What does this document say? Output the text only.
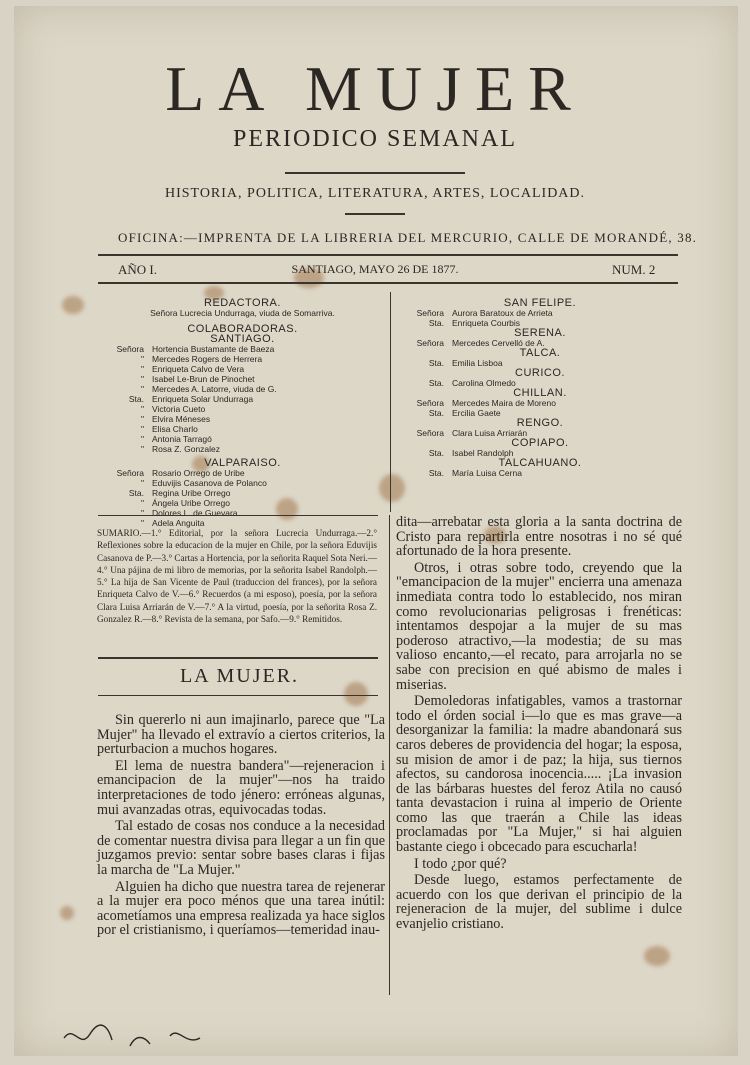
LA MUJER
PERIODICO SEMANAL
HISTORIA, POLITICA, LITERATURA, ARTES, LOCALIDAD.
OFICINA:—IMPRENTA DE LA LIBRERIA DEL MERCURIO, CALLE DE MORANDÉ, 38.
AÑO I.	SANTIAGO, MAYO 26 DE 1877.	NUM. 2
REDACTORA.
Señora Lucrecia Undurraga, viuda de Somarriva.
COLABORADORAS.
SANTIAGO.
Señora Hortencia Bustamante de Baeza
" Mercedes Rogers de Herrera
" Enriqueta Calvo de Vera
" Isabel Le-Brun de Pinochet
" Mercedes A. Latorre, viuda de G.
Sta. Enriqueta Solar Undurraga
" Victoria Cueto
" Elvira Méneses
" Elisa Charlo
" Antonia Tarragó
" Rosa Z. Gonzalez
VALPARAISO.
Señora Rosario Orrego de Uribe
" Eduvijis Casanova de Polanco
Sta. Regina Uribe Orrego
" Ángela Uribe Orrego
" Dolores L. de Guevara
" Adela Anguita
SAN FELIPE.
Señora Aurora Baratoux de Arrieta
Sta. Enriqueta Courbis
SERENA.
Señora Mercedes Cervelló de A.
TALCA.
Sta. Emilia Lisboa
CURICO.
Sta. Carolina Olmedo
CHILLAN.
Señora Mercedes Maira de Moreno
Sta. Ercilia Gaete
RENGO.
Señora Clara Luisa Arriarán
COPIAPO.
Sta. Isabel Randolph
TALCAHUANO.
Sta. María Luisa Cerna
SUMARIO.—1.° Editorial, por la señora Lucrecia Undurraga.—2.° Reflexiones sobre la educacion de la mujer en Chile, por la señora Eduvijis Casanova de P.—3.° Cartas a Hortencia, por la señorita Raquel Sota Neri.—4.° Una pájina de mi libro de memorias, por la señorita Isabel Randolph.—5.° La hija de San Vicente de Paul (traduccion del frances), por la señora Enriqueta Calvo de V.—6.° Recuerdos (a mi esposo), poesía, por la señora Clara Luisa Arriarán de V.—7.° A la virtud, poesía, por la señorita Rosa Z. Gonzalez R.—8.° Revista de la semana, por Safo.—9.° Remitidos.
LA MUJER.

Sin quererlo ni aun imajinarlo, parece que "La Mujer" ha llevado el extravío a ciertos criterios, la perturbacion a muchos hogares.

El lema de nuestra bandera"—rejeneracion i emancipacion de la mujer"—nos ha traido interpretaciones de todo jénero: erróneas algunas, mui avanzadas otras, equivocadas todas.

Tal estado de cosas nos conduce a la necesidad de comentar nuestra divisa para llegar a un fin que juzgamos previo: sentar sobre bases claras i fijas la marcha de "La Mujer."

Alguien ha dicho que nuestra tarea de rejenerar a la mujer era poco ménos que una tarea inútil: acometíamos una empresa realizada ya hace siglos por el cristianismo, i queríamos—temeridad inau-

dita—arrebatar esta gloria a la santa doctrina de Cristo para repartirla entre nosotras i no sé qué afortunado de la hora presente.

Otros, i otras sobre todo, creyendo que la "emancipacion de la mujer" encierra una amenaza inmediata contra todo lo establecido, nos miran como revolucionarias peligrosas i frenéticas: intentamos despojar a la mujer de su mas poderoso atractivo,—la modestia; de su mas valioso encanto,—el recato, para arrojarla no se sabe con precision en qué abismo de males i miserias.

Demoledoras infatigables, vamos a trastornar todo el órden social i—lo que es mas grave—a desorganizar la familia: la madre abandonará sus caros deberes de providencia del hogar; la esposa, su mision de amor i de paz; la hija, sus tiernos afectos, su candorosa inocencia..... ¡La invasion de las bárbaras huestes del feroz Atila no causó tanta devastacion i ruina al imperio de Oriente como las que traerán a Chile las ideas proclamadas por "La Mujer," si hai alguien bastante ciego i obcecado para escucharla!

I todo ¿por qué?

Desde luego, estamos perfectamente de acuerdo con los que derivan el principio de la rejeneracion de la mujer, del sublime i dulce evanjelio cristiano.
